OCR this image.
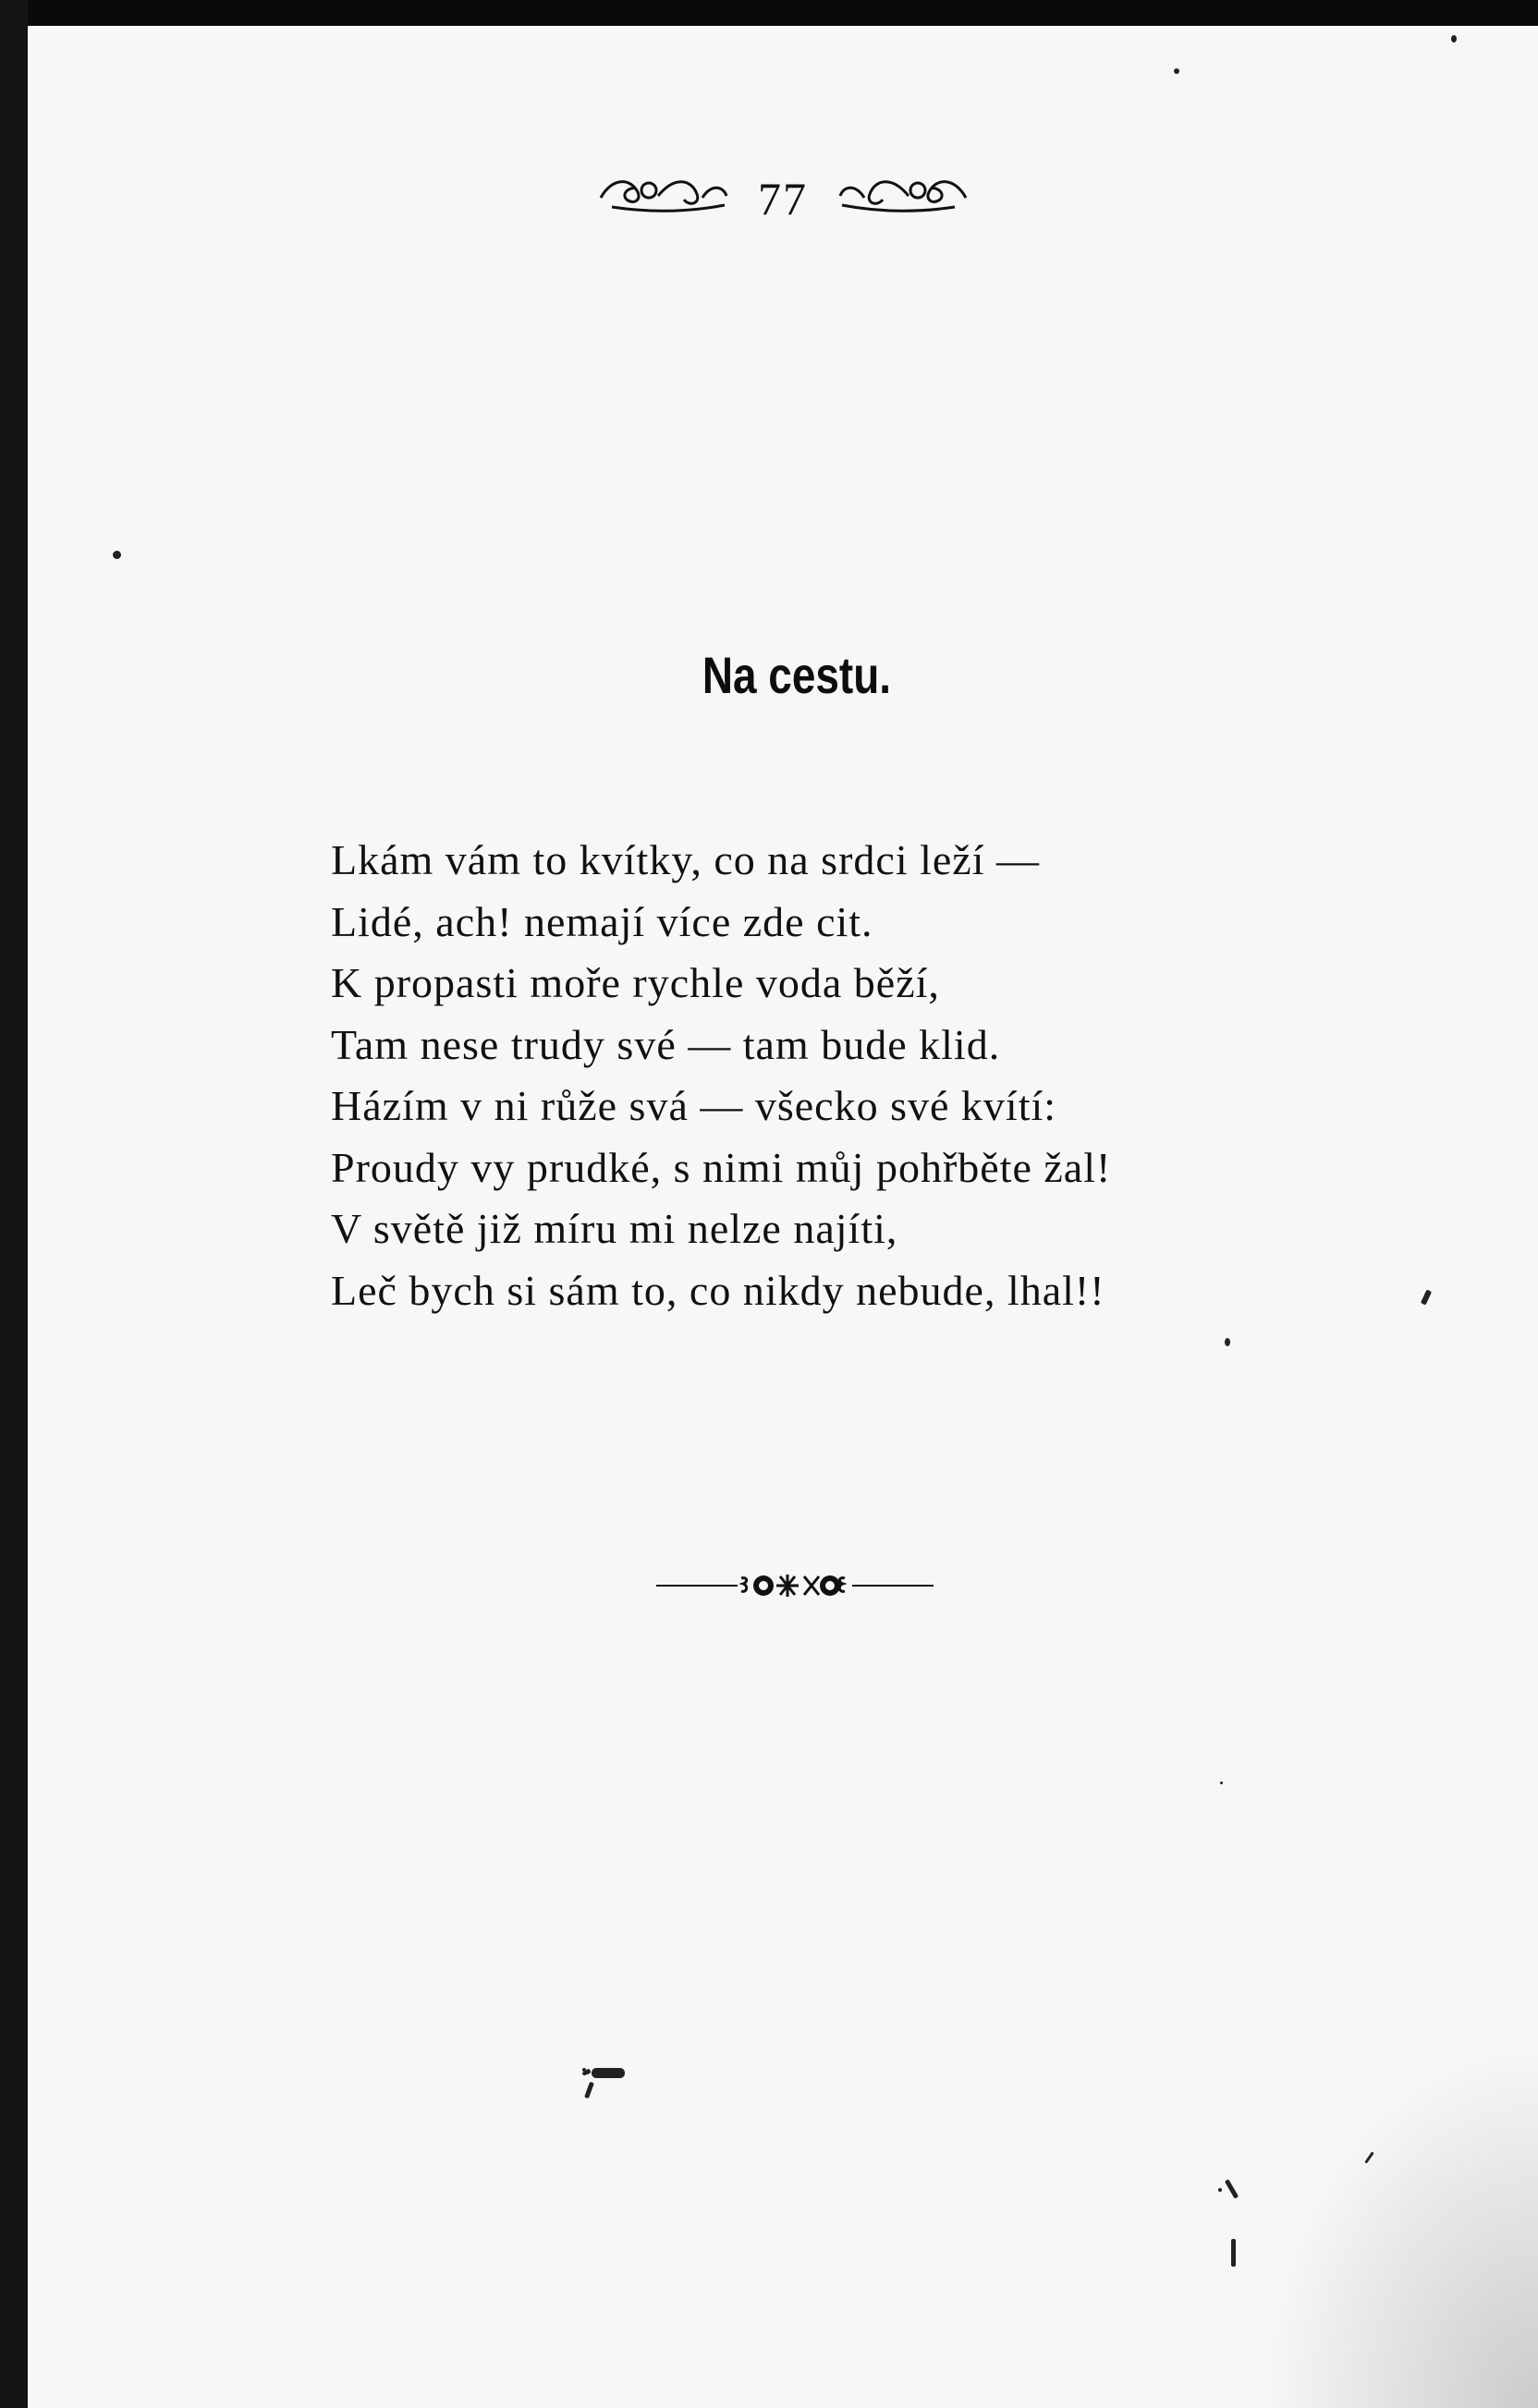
77
Na cestu.
Lkám vám to kvítky, co na srdci leží —
Lidé, ach! nemají více zde cit.
K propasti moře rychle voda běží,
Tam nese trudy své — tam bude klid.
Házím v ni růže svá — všecko své kvítí:
Proudy vy prudké, s nimi můj pohřběte žal!
V světě již míru mi nelze najíti,
Leč bych si sám to, co nikdy nebude, lhal!!
